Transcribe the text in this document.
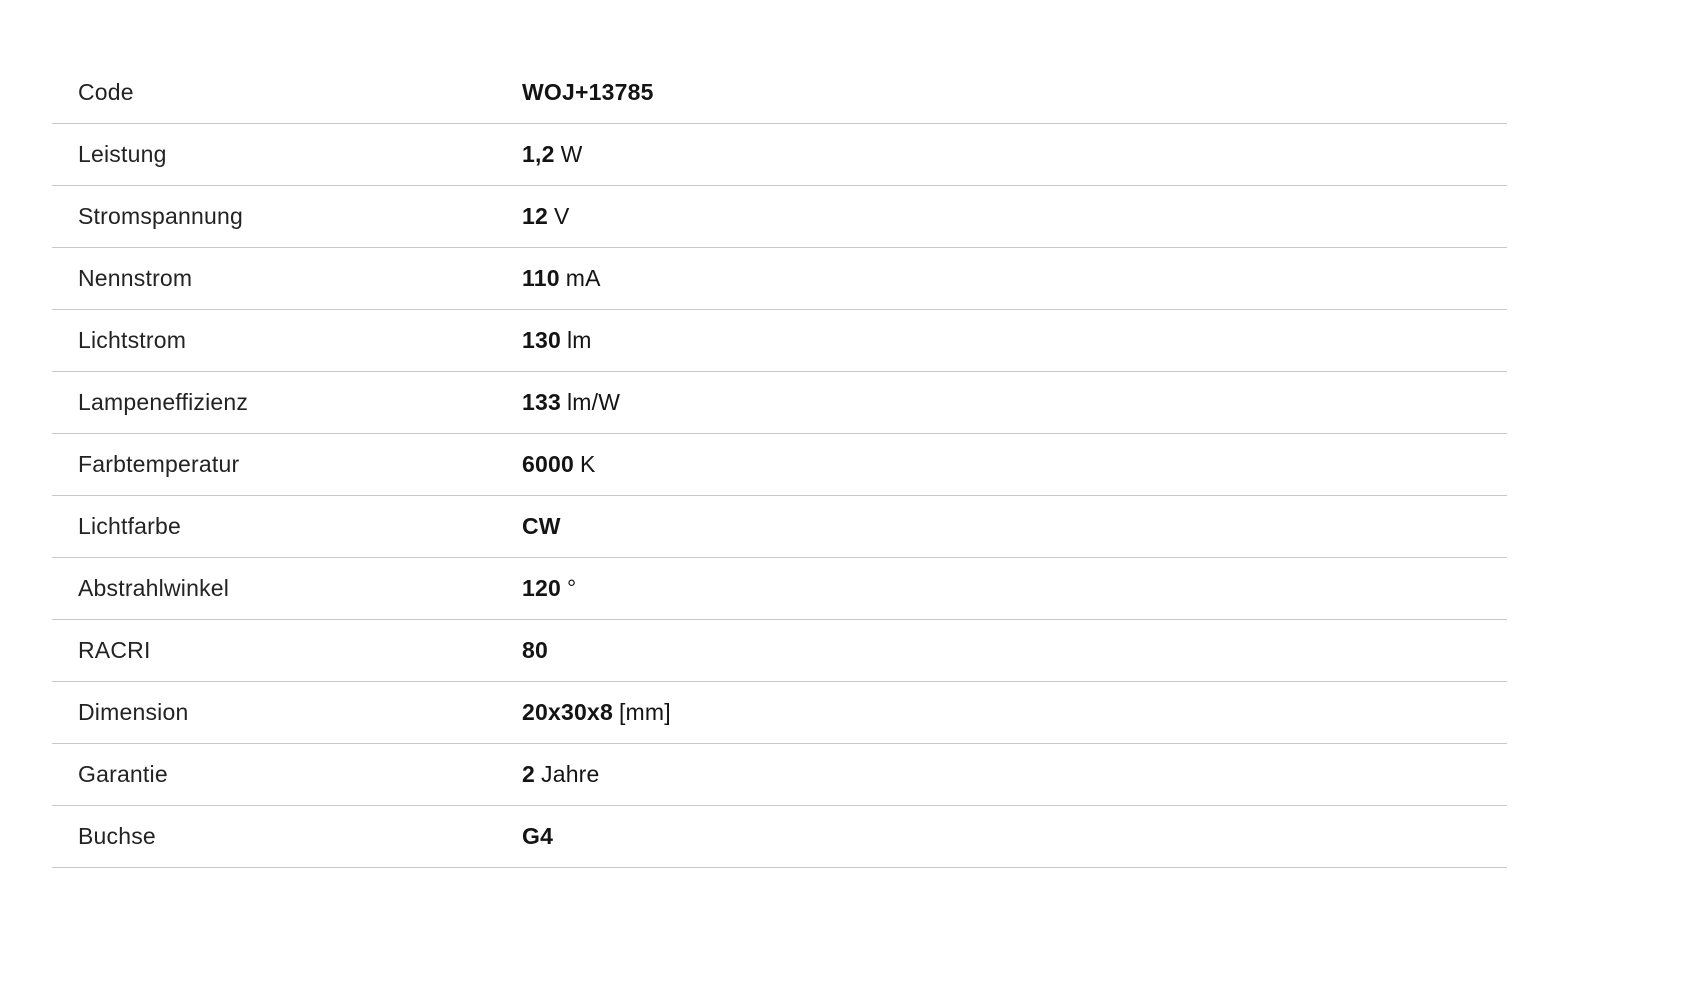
Code	WOJ+13785
Leistung	1,2 W
Stromspannung	12 V
Nennstrom	110 mA
Lichtstrom	130 lm
Lampeneffizienz	133 lm/W
Farbtemperatur	6000 K
Lichtfarbe	CW
Abstrahlwinkel	120 °
RACRI	80
Dimension	20x30x8 [mm]
Garantie	2 Jahre
Buchse	G4
